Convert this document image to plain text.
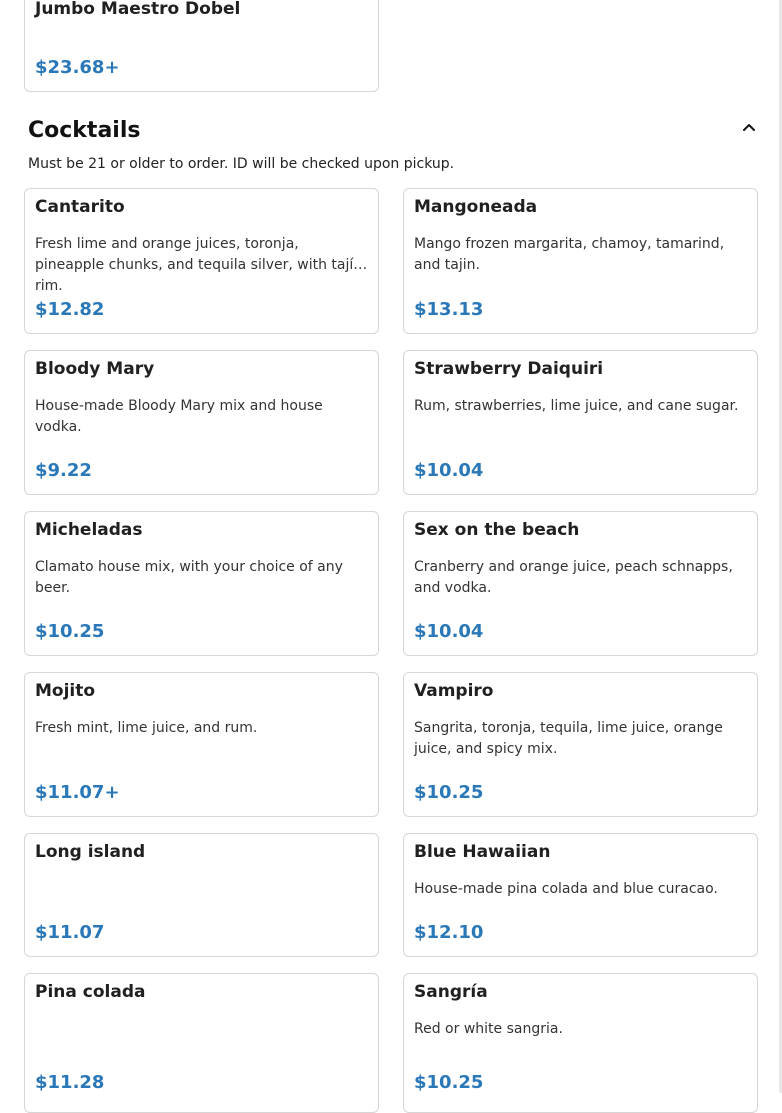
Jumbo Maestro Dobel
$23.68+
Cocktails
Must be 21 or older to order. ID will be checked upon pickup.
Cantarito
Fresh lime and orange juices, toronja, pineapple chunks, and tequila silver, with tajín rim.
$12.82
Mangoneada
Mango frozen margarita, chamoy, tamarind, and tajin.
$13.13
Bloody Mary
House-made Bloody Mary mix and house vodka.
$9.22
Strawberry Daiquiri
Rum, strawberries, lime juice, and cane sugar.
$10.04
Micheladas
Clamato house mix, with your choice of any beer.
$10.25
Sex on the beach
Cranberry and orange juice, peach schnapps, and vodka.
$10.04
Mojito
Fresh mint, lime juice, and rum.
$11.07+
Vampiro
Sangrita, toronja, tequila, lime juice, orange juice, and spicy mix.
$10.25
Long island
$11.07
Blue Hawaiian
House-made pina colada and blue curacao.
$12.10
Pina colada
$11.28
Sangría
Red or white sangria.
$10.25
